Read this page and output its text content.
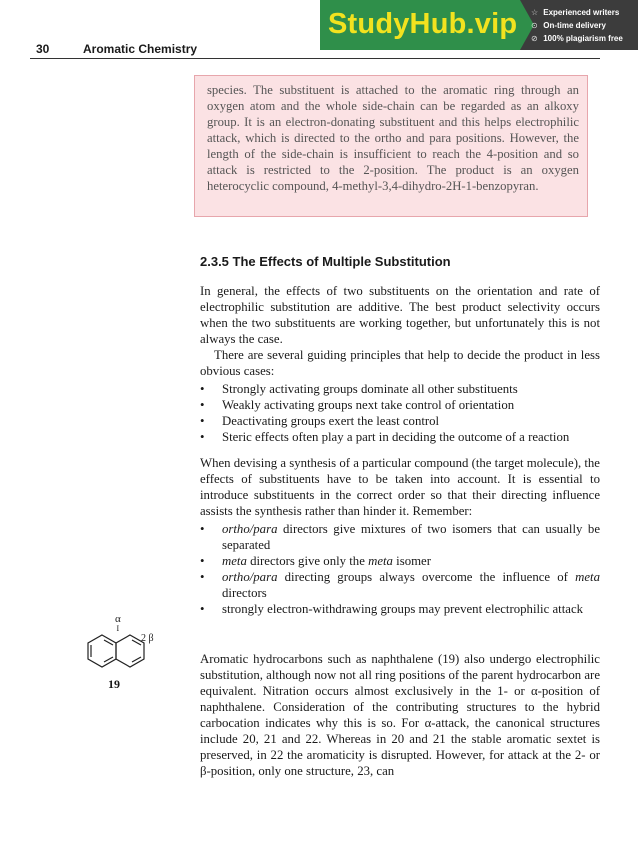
30	Aromatic Chemistry
StudyHub.vip ☆ Experienced writers
⊙ On-time delivery
⊘ 100% plagiarism free
species. The substituent is attached to the aromatic ring through an oxygen atom and the whole side-chain can be regarded as an alkoxy group. It is an electron-donating substituent and this helps electrophilic attack, which is directed to the ortho and para positions. However, the length of the side-chain is insufficient to reach the 4-position and so attack is restricted to the 2-position. The product is an oxygen heterocyclic compound, 4-methyl-3,4-dihydro-2H-1-benzopyran.
2.3.5 The Effects of Multiple Substitution

In general, the effects of two substituents on the orientation and rate of electrophilic substitution are additive. The best product selectivity occurs when the two substituents are working together, but unfortunately this is not always the case.

There are several guiding principles that help to decide the product in less obvious cases:

• Strongly activating groups dominate all other substituents
• Weakly activating groups next take control of orientation
• Deactivating groups exert the least control
• Steric effects often play a part in deciding the outcome of a reaction

When devising a synthesis of a particular compound (the target molecule), the effects of substituents have to be taken into account. It is essential to introduce substituents in the correct order so that their directing influence assists the synthesis rather than hinder it. Remember:

• ortho/para directors give mixtures of two isomers that can usually be separated
• meta directors give only the meta isomer
• ortho/para directing groups always overcome the influence of meta directors
• strongly electron-withdrawing groups may prevent electrophilic attack

Aromatic hydrocarbons such as naphthalene (19) also undergo electrophilic substitution, although now not all ring positions of the parent hydrocarbon are equivalent. Nitration occurs almost exclusively in the 1- or α-position of naphthalene. Consideration of the contributing structures to the hybrid carbocation indicates why this is so. For α-attack, the canonical structures include 20, 21 and 22. Whereas in 20 and 21 the stable aromatic sextet is preserved, in 22 the aromaticity is disrupted. However, for attack at the 2- or β-position, only one structure, 23, can

α
I
2 β
19
